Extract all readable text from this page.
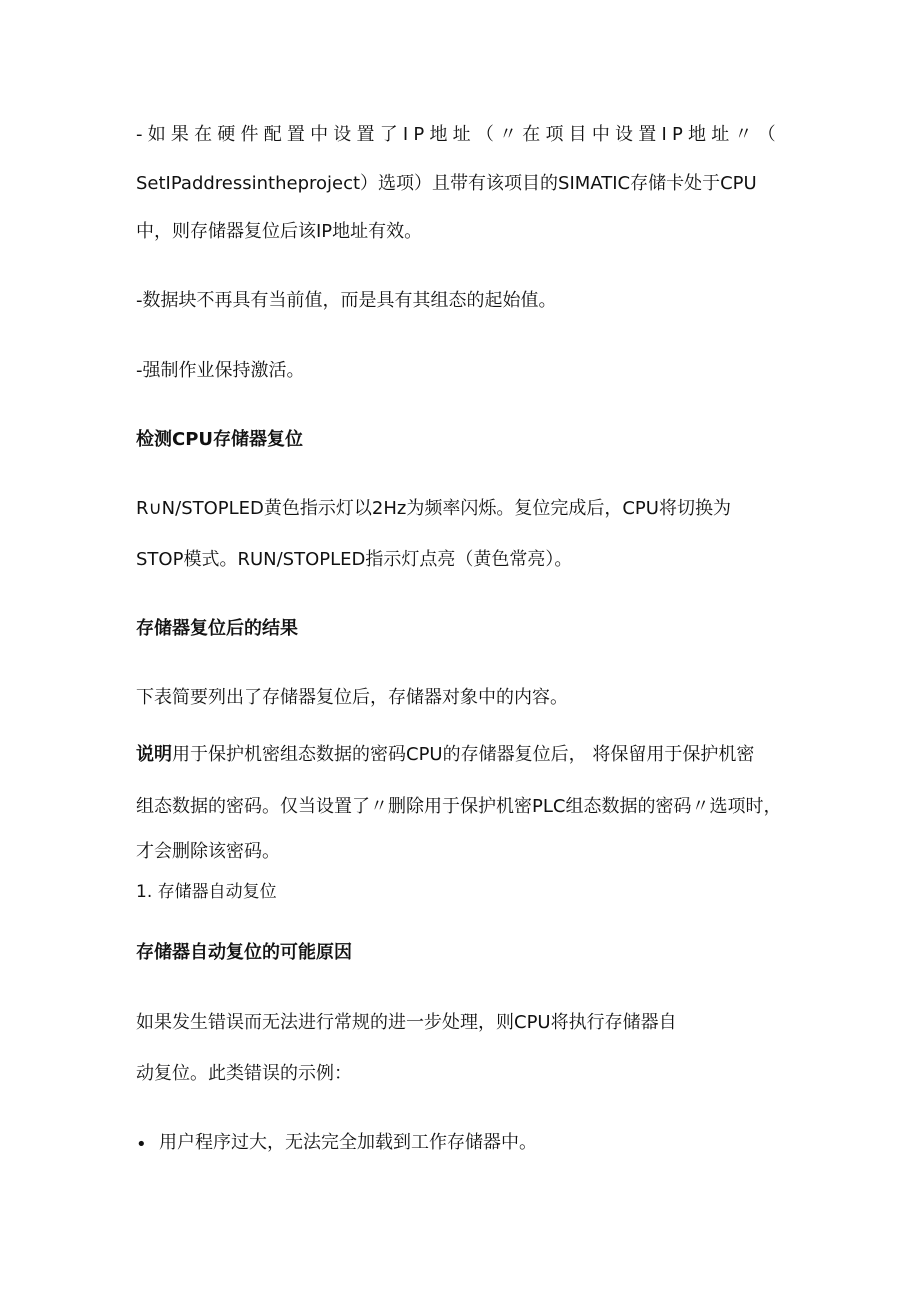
-如果在硬件配置中设置了IP地址（〃在项目中设置IP地址〃（
SetIPaddressintheproject）选项）且带有该项目的SIMATIC存储卡处于CPU
中，则存储器复位后该IP地址有效。
-数据块不再具有当前值，而是具有其组态的起始值。
-强制作业保持激活。
检测CPU存储器复位
R∪N/STOPLED黄色指示灯以2Hz为频率闪烁。复位完成后，CPU将切换为
STOP模式。RUN/STOPLED指示灯点亮（黄色常亮）。
存储器复位后的结果
下表简要列出了存储器复位后，存储器对象中的内容。
说明用于保护机密组态数据的密码CPU的存储器复位后， 将保留用于保护机密
组态数据的密码。仅当设置了〃删除用于保护机密PLC组态数据的密码〃选项时，
才会删除该密码。
1. 存储器自动复位
存储器自动复位的可能原因
如果发生错误而无法进行常规的进一步处理，则CPU将执行存储器自
动复位。此类错误的示例：
• 用户程序过大，无法完全加载到工作存储器中。
